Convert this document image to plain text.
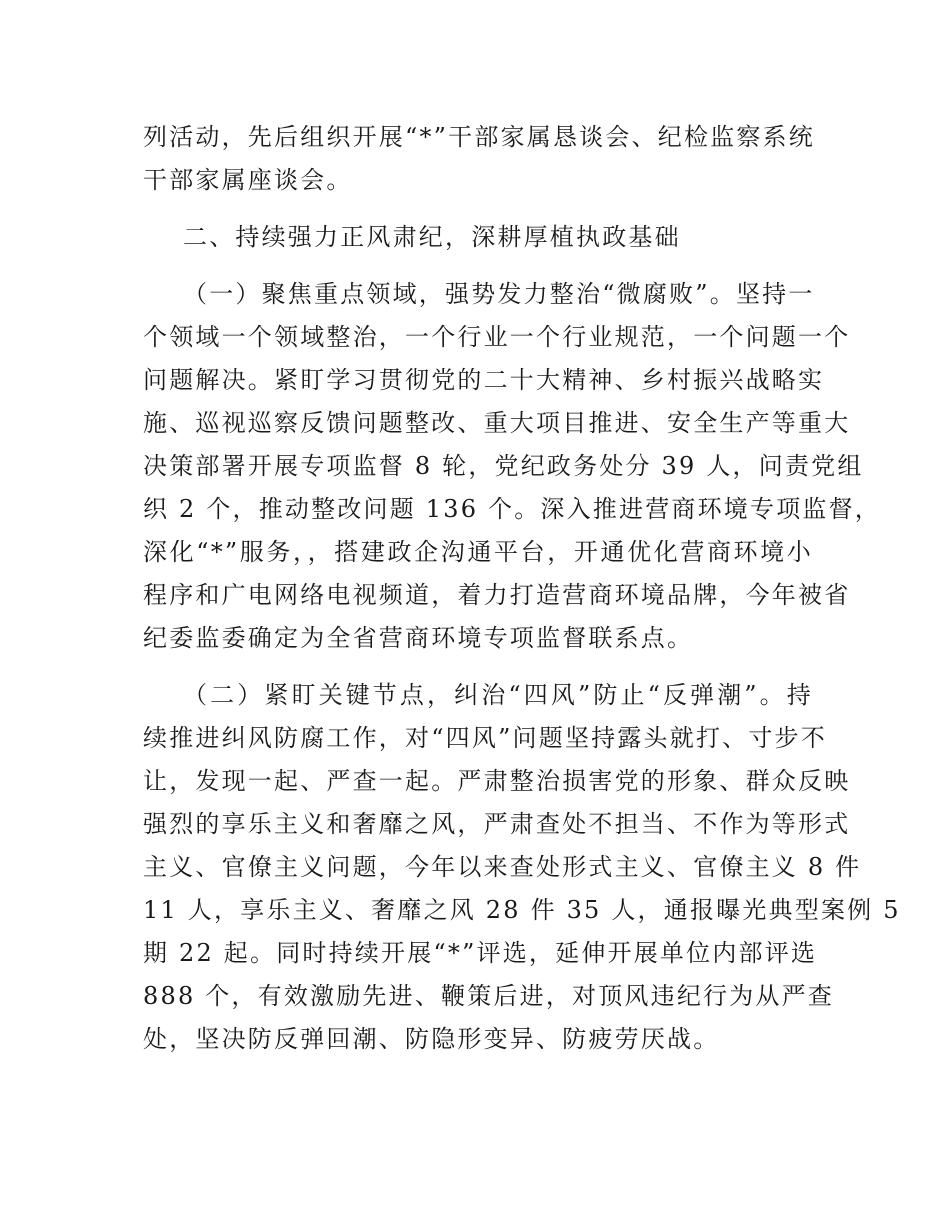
列活动，先后组织开展“*”干部家属恳谈会、纪检监察系统
干部家属座谈会。
二、持续强力正风肃纪，深耕厚植执政基础
（一）聚焦重点领域，强势发力整治“微腐败”。坚持一
个领域一个领域整治，一个行业一个行业规范，一个问题一个
问题解决。紧盯学习贯彻党的二十大精神、乡村振兴战略实
施、巡视巡察反馈问题整改、重大项目推进、安全生产等重大
决策部署开展专项监督 8 轮，党纪政务处分 39 人，问责党组
织 2 个，推动整改问题 136 个。深入推进营商环境专项监督，
深化“*”服务，，搭建政企沟通平台，开通优化营商环境小
程序和广电网络电视频道，着力打造营商环境品牌，今年被省
纪委监委确定为全省营商环境专项监督联系点。
（二）紧盯关键节点，纠治“四风”防止“反弹潮”。持
续推进纠风防腐工作，对“四风”问题坚持露头就打、寸步不
让，发现一起、严查一起。严肃整治损害党的形象、群众反映
强烈的享乐主义和奢靡之风，严肃查处不担当、不作为等形式
主义、官僚主义问题，今年以来查处形式主义、官僚主义 8 件
11 人，享乐主义、奢靡之风 28 件 35 人，通报曝光典型案例 5
期 22 起。同时持续开展“*”评选，延伸开展单位内部评选
888 个，有效激励先进、鞭策后进，对顶风违纪行为从严查
处，坚决防反弹回潮、防隐形变异、防疲劳厌战。
